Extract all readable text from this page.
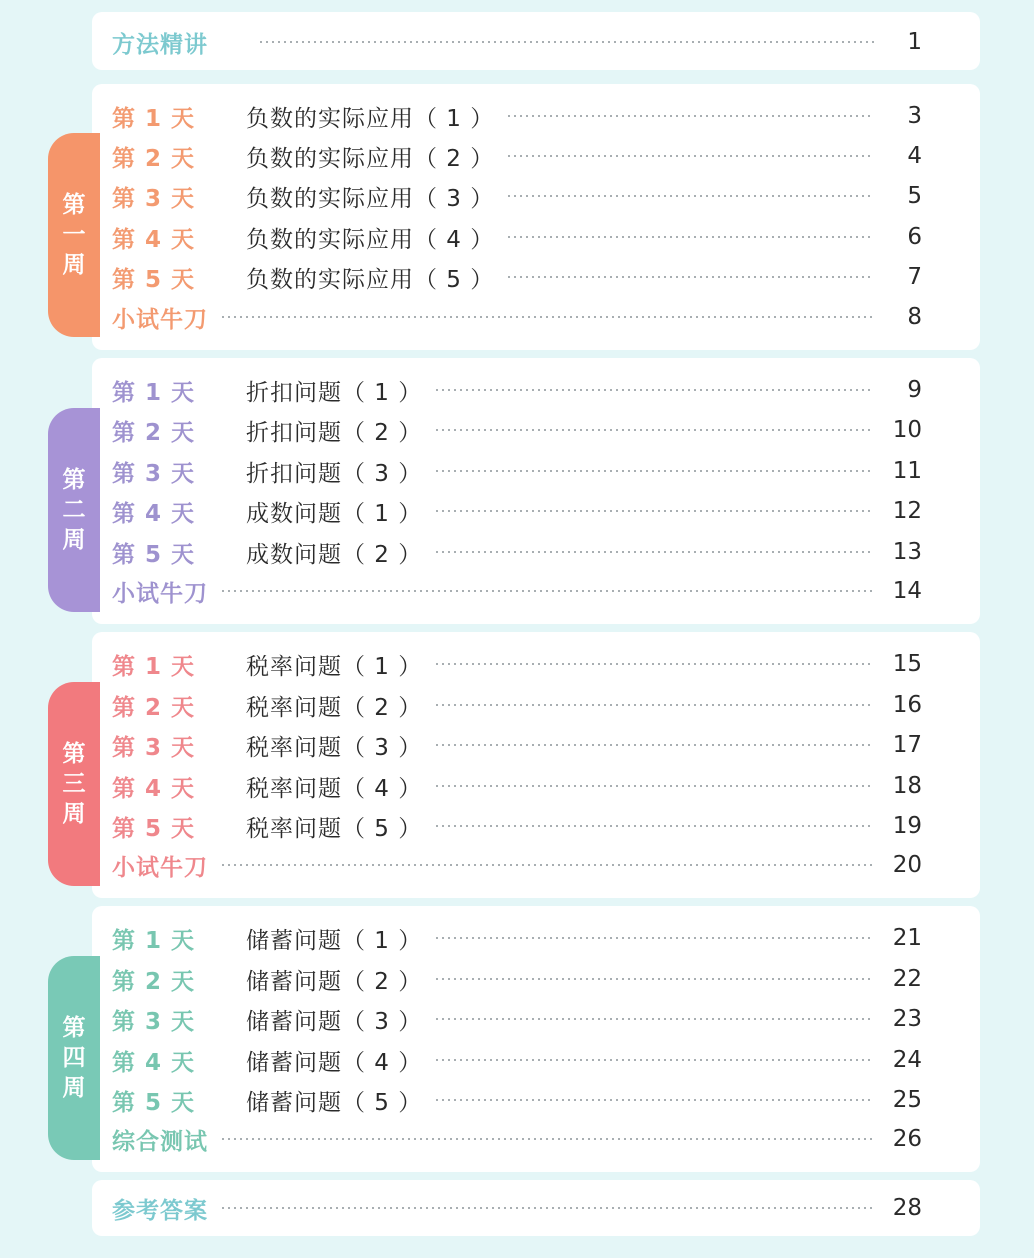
方法精讲	1
第
一
周
第 1 天	负数的实际应用（ 1 ）	3
第 2 天	负数的实际应用（ 2 ）	4
第 3 天	负数的实际应用（ 3 ）	5
第 4 天	负数的实际应用（ 4 ）	6
第 5 天	负数的实际应用（ 5 ）	7
小试牛刀	8
第
二
周
第 1 天	折扣问题（ 1 ）	9
第 2 天	折扣问题（ 2 ）	10
第 3 天	折扣问题（ 3 ）	11
第 4 天	成数问题（ 1 ）	12
第 5 天	成数问题（ 2 ）	13
小试牛刀	14
第
三
周
第 1 天	税率问题（ 1 ）	15
第 2 天	税率问题（ 2 ）	16
第 3 天	税率问题（ 3 ）	17
第 4 天	税率问题（ 4 ）	18
第 5 天	税率问题（ 5 ）	19
小试牛刀	20
第
四
周
第 1 天	储蓄问题（ 1 ）	21
第 2 天	储蓄问题（ 2 ）	22
第 3 天	储蓄问题（ 3 ）	23
第 4 天	储蓄问题（ 4 ）	24
第 5 天	储蓄问题（ 5 ）	25
综合测试	26
参考答案	28
